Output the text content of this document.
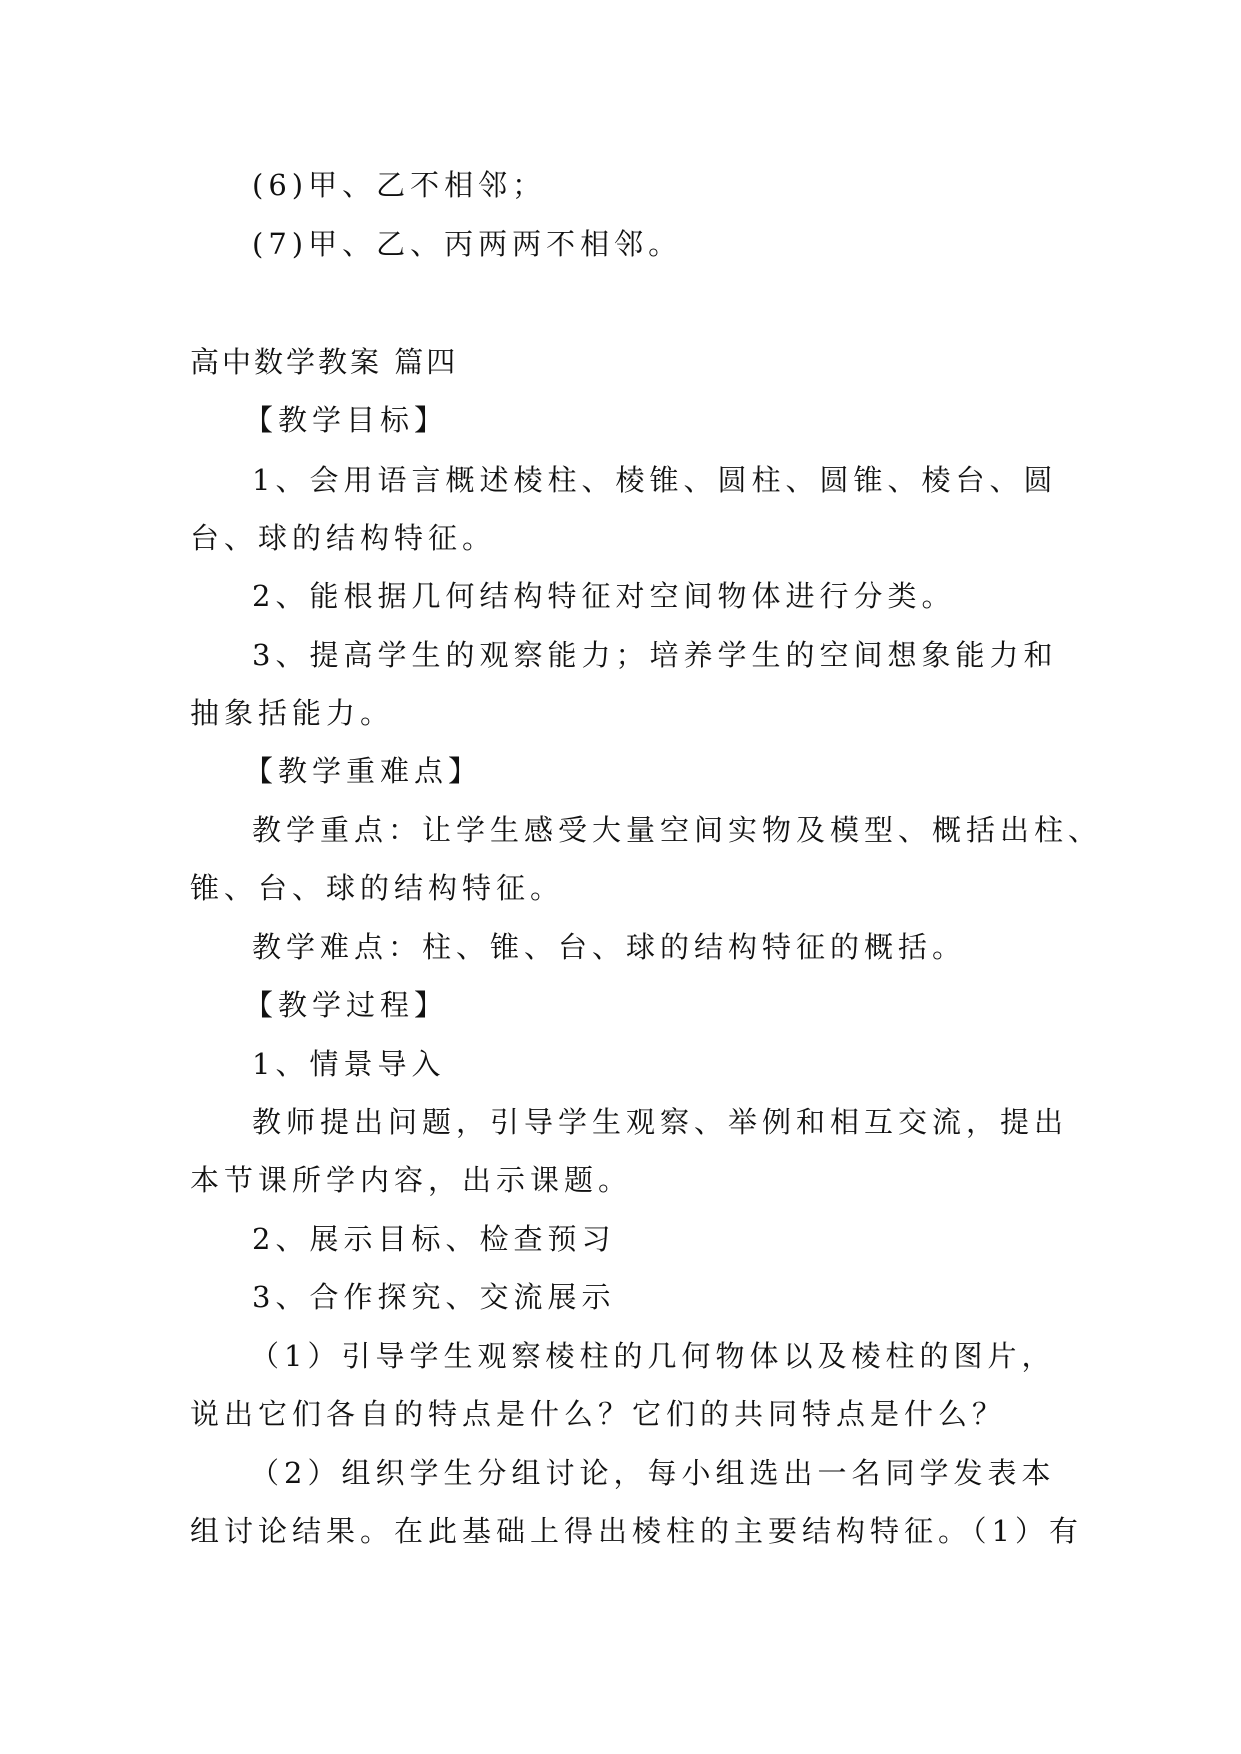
(6)甲、乙不相邻；
(7)甲、乙、丙两两不相邻。
高中数学教案 篇四
【教学目标】
1、会用语言概述棱柱、棱锥、圆柱、圆锥、棱台、圆
台、球的结构特征。
2、能根据几何结构特征对空间物体进行分类。
3、提高学生的观察能力；培养学生的空间想象能力和
抽象括能力。
【教学重难点】
教学重点：让学生感受大量空间实物及模型、概括出柱、
锥、台、球的结构特征。
教学难点：柱、锥、台、球的结构特征的概括。
【教学过程】
1、情景导入
教师提出问题，引导学生观察、举例和相互交流，提出
本节课所学内容，出示课题。
2、展示目标、检查预习
3、合作探究、交流展示
（1）引导学生观察棱柱的几何物体以及棱柱的图片，
说出它们各自的特点是什么？它们的共同特点是什么？
（2）组织学生分组讨论，每小组选出一名同学发表本
组讨论结果。在此基础上得出棱柱的主要结构特征。（1）有
